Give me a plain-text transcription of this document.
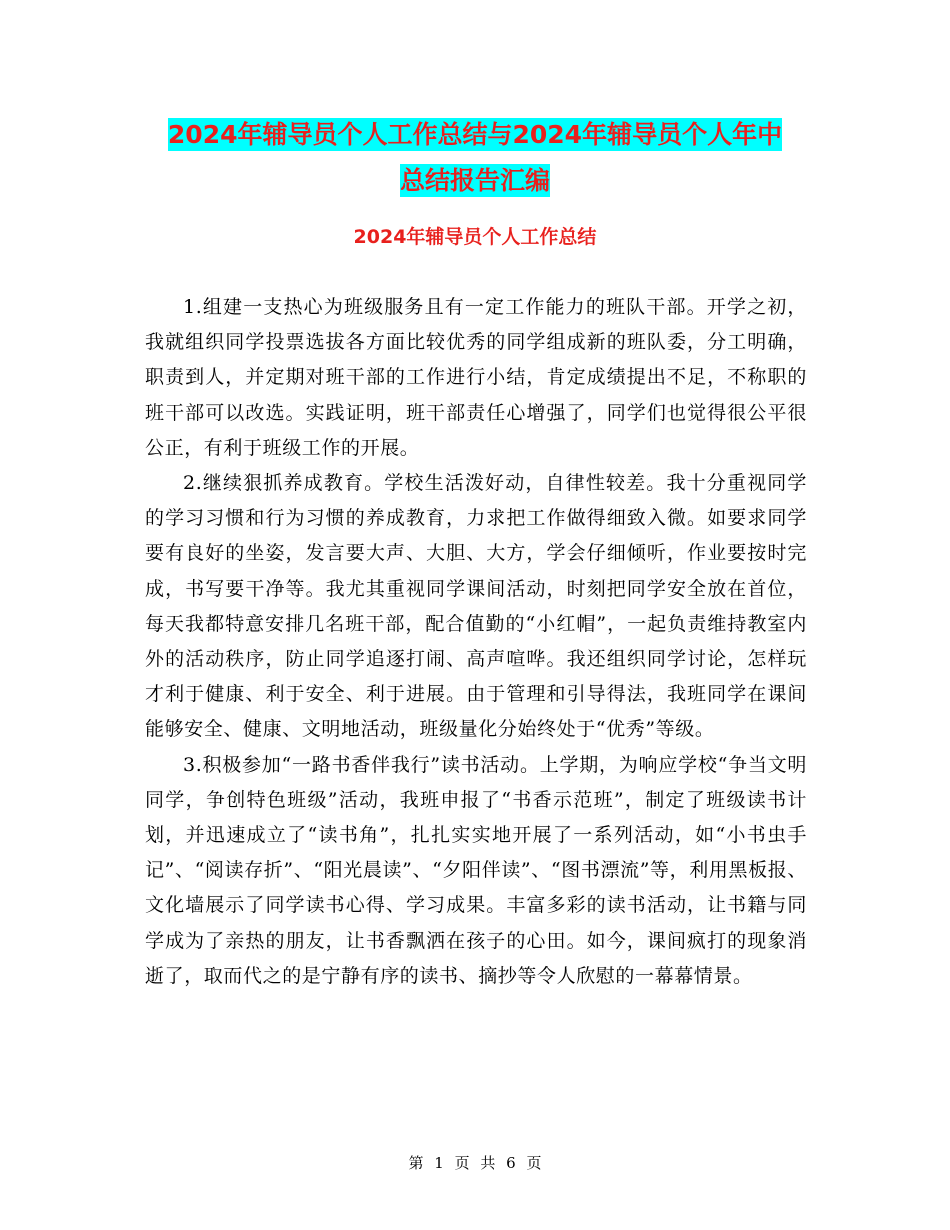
2024年辅导员个人工作总结与2024年辅导员个人年中
总结报告汇编
2024年辅导员个人工作总结

1.组建一支热心为班级服务且有一定工作能力的班队干部。开学之初，我就组织同学投票选拔各方面比较优秀的同学组成新的班队委，分工明确，职责到人，并定期对班干部的工作进行小结，肯定成绩提出不足，不称职的班干部可以改选。实践证明，班干部责任心增强了，同学们也觉得很公平很公正，有利于班级工作的开展。

2.继续狠抓养成教育。学校生活泼好动，自律性较差。我十分重视同学的学习习惯和行为习惯的养成教育，力求把工作做得细致入微。如要求同学要有良好的坐姿，发言要大声、大胆、大方，学会仔细倾听，作业要按时完成，书写要干净等。我尤其重视同学课间活动，时刻把同学安全放在首位，每天我都特意安排几名班干部，配合值勤的“小红帽”，一起负责维持教室内外的活动秩序，防止同学追逐打闹、高声喧哗。我还组织同学讨论，怎样玩才利于健康、利于安全、利于进展。由于管理和引导得法，我班同学在课间能够安全、健康、文明地活动，班级量化分始终处于“优秀”等级。

3.积极参加“一路书香伴我行”读书活动。上学期，为响应学校“争当文明同学，争创特色班级”活动，我班申报了“书香示范班”，制定了班级读书计划，并迅速成立了“读书角”，扎扎实实地开展了一系列活动，如“小书虫手记”、“阅读存折”、“阳光晨读”、“夕阳伴读”、“图书漂流”等，利用黑板报、文化墙展示了同学读书心得、学习成果。丰富多彩的读书活动，让书籍与同学成为了亲热的朋友，让书香飘洒在孩子的心田。如今，课间疯打的现象消逝了，取而代之的是宁静有序的读书、摘抄等令人欣慰的一幕幕情景。

第 1 页 共 6 页
